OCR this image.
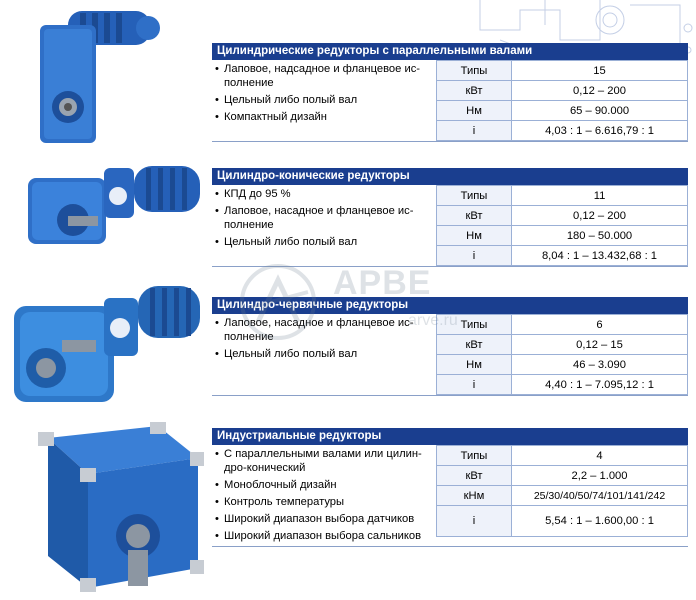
Цилиндрические редукторы с параллельными валами
• Лаповое, надсадное и фланцевое ис-полнение
• Цельный либо полый вал
• Компактный дизайн
Типы	15
кВт	0,12 – 200
Нм	65 – 90.000
i	4,03 : 1 – 6.616,79 : 1
Цилиндро-конические редукторы
• КПД до 95 %
• Лаповое, насадное и фланцевое ис-полнение
• Цельный либо полый вал
Типы	11
кВт	0,12 – 200
Нм	180 – 50.000
i	8,04 : 1 – 13.432,68 : 1
Цилиндро-червячные редукторы
• Лаповое, насадное и фланцевое ис-полнение
• Цельный либо полый вал
Типы	6
кВт	0,12 – 15
Нм	46 – 3.090
i	4,40 : 1 – 7.095,12 : 1
Индустриальные редукторы
• С параллельными валами или цилин-дро-конический
• Моноблочный дизайн
• Контроль температуры
• Широкий диапазон выбора датчиков
• Широкий диапазон выбора сальников
Типы	4
кВт	2,2 – 1.000
кНм	25/30/40/50/74/101/141/242
i	5,54 : 1 – 1.600,00 : 1
АРВЕ
arve.ru
